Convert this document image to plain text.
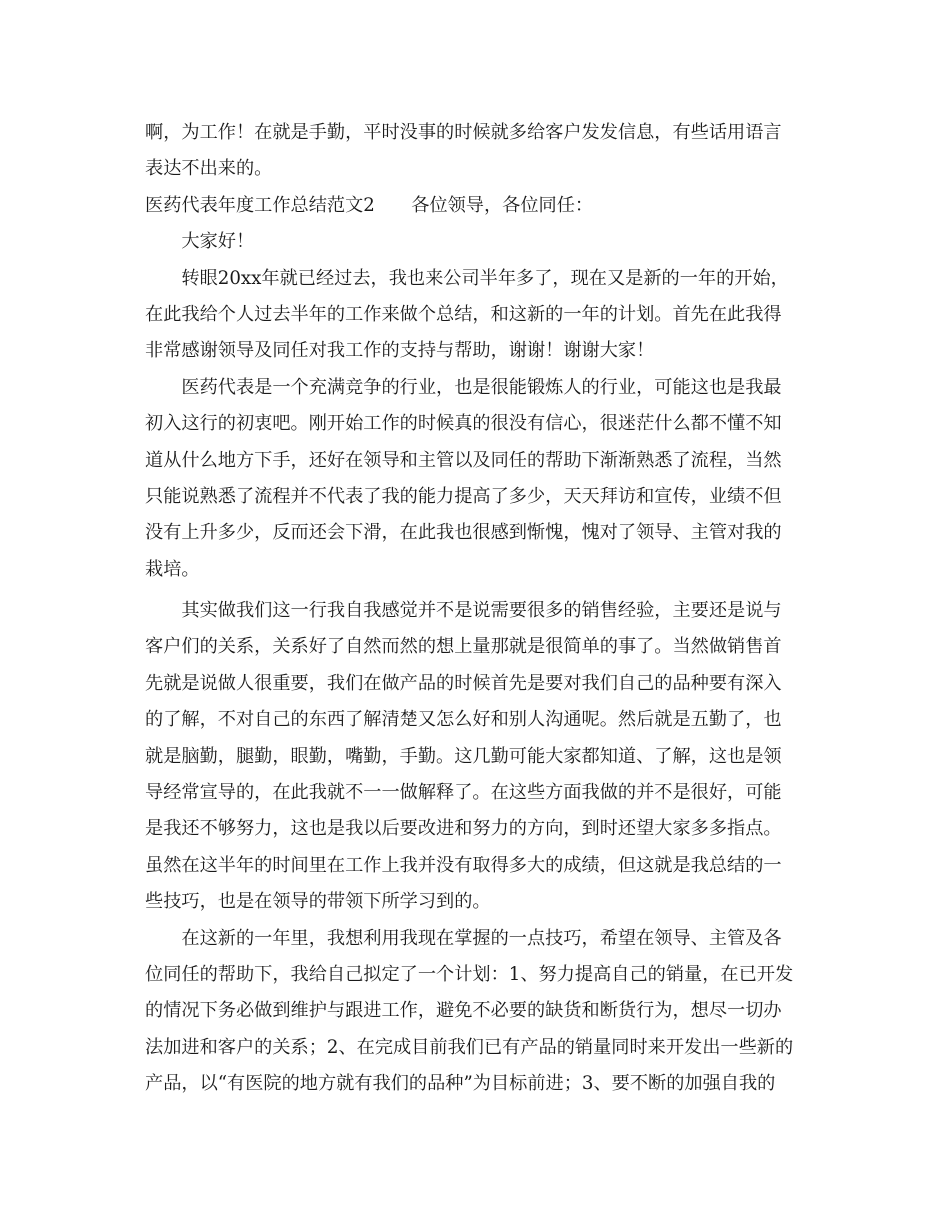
啊，为工作！在就是手勤，平时没事的时候就多给客户发发信息，有些话用语言
表达不出来的。
医药代表年度工作总结范文2　　各位领导，各位同任：
　　大家好！
　　转眼20xx年就已经过去，我也来公司半年多了，现在又是新的一年的开始，
在此我给个人过去半年的工作来做个总结，和这新的一年的计划。首先在此我得
非常感谢领导及同任对我工作的支持与帮助，谢谢！谢谢大家！
　　医药代表是一个充满竞争的行业，也是很能锻炼人的行业，可能这也是我最
初入这行的初衷吧。刚开始工作的时候真的很没有信心，很迷茫什么都不懂不知
道从什么地方下手，还好在领导和主管以及同任的帮助下渐渐熟悉了流程，当然
只能说熟悉了流程并不代表了我的能力提高了多少，天天拜访和宣传，业绩不但
没有上升多少，反而还会下滑，在此我也很感到惭愧，愧对了领导、主管对我的
栽培。
　　其实做我们这一行我自我感觉并不是说需要很多的销售经验，主要还是说与
客户们的关系，关系好了自然而然的想上量那就是很简单的事了。当然做销售首
先就是说做人很重要，我们在做产品的时候首先是要对我们自己的品种要有深入
的了解，不对自己的东西了解清楚又怎么好和别人沟通呢。然后就是五勤了，也
就是脑勤，腿勤，眼勤，嘴勤，手勤。这几勤可能大家都知道、了解，这也是领
导经常宣导的，在此我就不一一做解释了。在这些方面我做的并不是很好，可能
是我还不够努力，这也是我以后要改进和努力的方向，到时还望大家多多指点。
虽然在这半年的时间里在工作上我并没有取得多大的成绩，但这就是我总结的一
些技巧，也是在领导的带领下所学习到的。
　　在这新的一年里，我想利用我现在掌握的一点技巧，希望在领导、主管及各
位同任的帮助下，我给自己拟定了一个计划：1、努力提高自己的销量，在已开发
的情况下务必做到维护与跟进工作，避免不必要的缺货和断货行为，想尽一切办
法加进和客户的关系；2、在完成目前我们已有产品的销量同时来开发出一些新的
产品，以“有医院的地方就有我们的品种”为目标前进；3、要不断的加强自我的
